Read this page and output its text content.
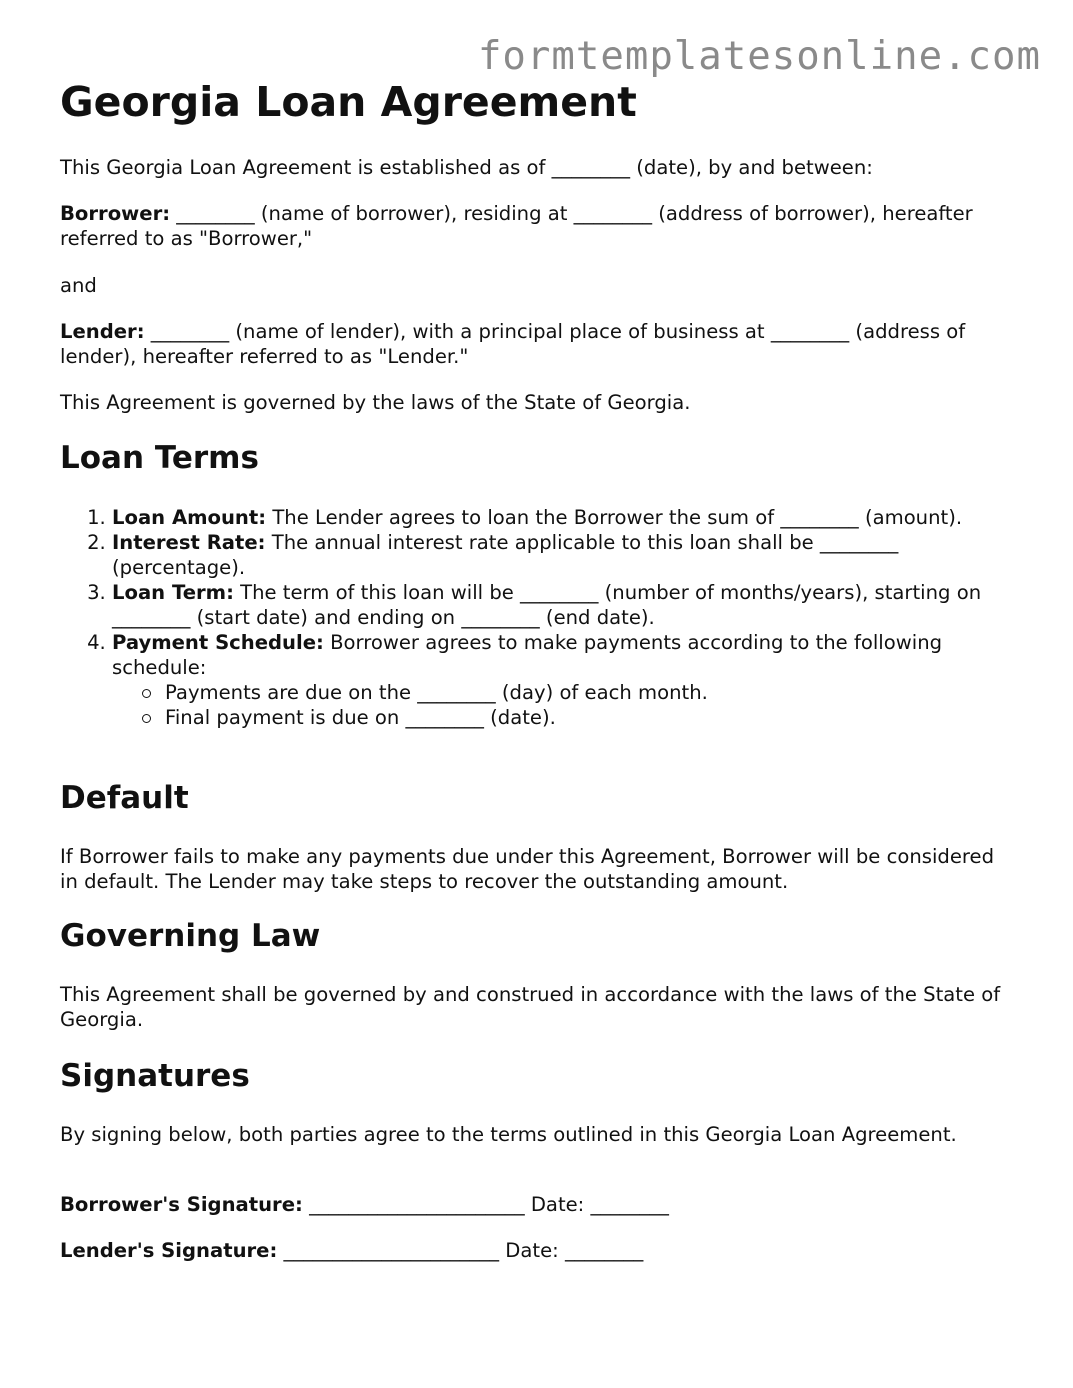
formtemplatesonline.com
Georgia Loan Agreement

This Georgia Loan Agreement is established as of ________ (date), by and between:

Borrower: ________ (name of borrower), residing at ________ (address of borrower), hereafter referred to as "Borrower,"

and

Lender: ________ (name of lender), with a principal place of business at ________ (address of lender), hereafter referred to as "Lender."

This Agreement is governed by the laws of the State of Georgia.

Loan Terms
1. Loan Amount: The Lender agrees to loan the Borrower the sum of ________ (amount).
2. Interest Rate: The annual interest rate applicable to this loan shall be ________ (percentage).
3. Loan Term: The term of this loan will be ________ (number of months/years), starting on ________ (start date) and ending on ________ (end date).
4. Payment Schedule: Borrower agrees to make payments according to the following schedule:
Payments are due on the ________ (day) of each month.
Final payment is due on ________ (date).
Default

If Borrower fails to make any payments due under this Agreement, Borrower will be considered in default. The Lender may take steps to recover the outstanding amount.

Governing Law

This Agreement shall be governed by and construed in accordance with the laws of the State of Georgia.

Signatures

By signing below, both parties agree to the terms outlined in this Georgia Loan Agreement.

Borrower's Signature: ______________________ Date: ________

Lender's Signature: ______________________ Date: ________
